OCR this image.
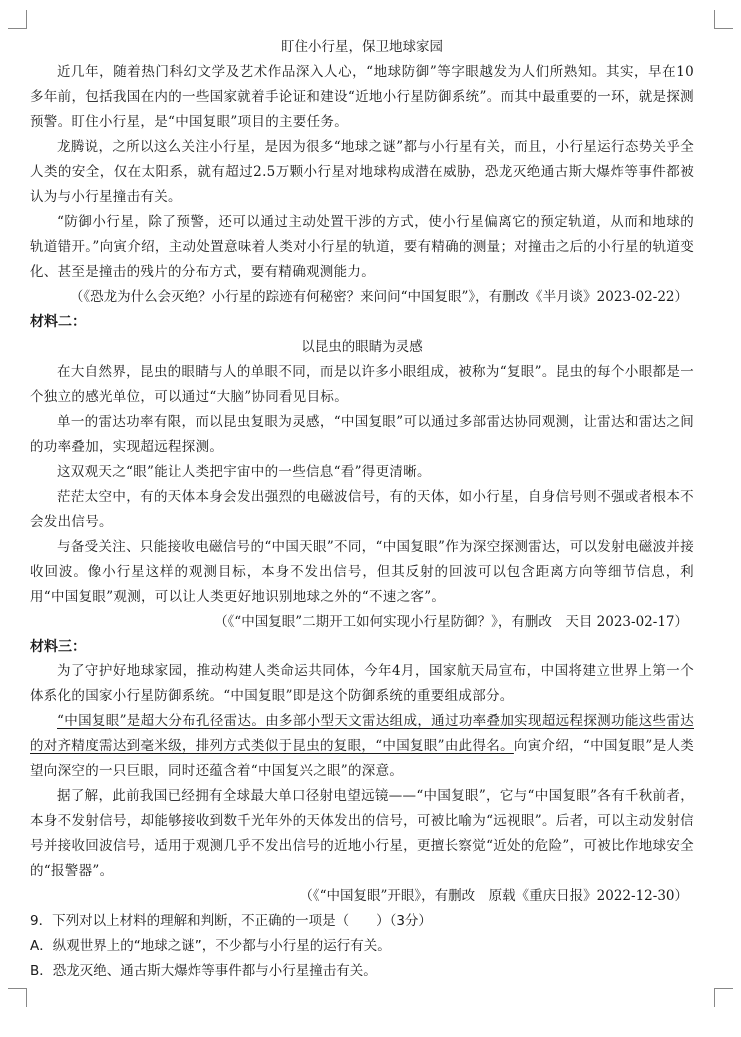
盯住小行星，保卫地球家园

近几年，随着热门科幻文学及艺术作品深入人心，“地球防御”等字眼越发为人们所熟知。其实，早在10多年前，包括我国在内的一些国家就着手论证和建设“近地小行星防御系统”。而其中最重要的一环，就是探测预警。盯住小行星，是“中国复眼”项目的主要任务。

龙腾说，之所以这么关注小行星，是因为很多“地球之谜”都与小行星有关，而且，小行星运行态势关乎全人类的安全，仅在太阳系，就有超过2.5万颗小行星对地球构成潜在威胁，恐龙灭绝通古斯大爆炸等事件都被认为与小行星撞击有关。

“防御小行星，除了预警，还可以通过主动处置干涉的方式，使小行星偏离它的预定轨道，从而和地球的轨道错开。”向寅介绍，主动处置意味着人类对小行星的轨道，要有精确的测量；对撞击之后的小行星的轨道变化、甚至是撞击的残片的分布方式，要有精确观测能力。

（《恐龙为什么会灭绝？小行星的踪迹有何秘密？来问问“中国复眼”》，有删改《半月谈》2023-02-22）

材料二：

以昆虫的眼睛为灵感

在大自然界，昆虫的眼睛与人的单眼不同，而是以许多小眼组成，被称为“复眼”。昆虫的每个小眼都是一个独立的感光单位，可以通过“大脑”协同看见目标。

单一的雷达功率有限，而以昆虫复眼为灵感，“中国复眼”可以通过多部雷达协同观测，让雷达和雷达之间的功率叠加，实现超远程探测。

这双观天之“眼”能让人类把宇宙中的一些信息“看”得更清晰。

茫茫太空中，有的天体本身会发出强烈的电磁波信号，有的天体，如小行星，自身信号则不强或者根本不会发出信号。

与备受关注、只能接收电磁信号的“中国天眼”不同，“中国复眼”作为深空探测雷达，可以发射电磁波并接收回波。像小行星这样的观测目标，本身不发出信号，但其反射的回波可以包含距离方向等细节信息，利用“中国复眼”观测，可以让人类更好地识别地球之外的“不速之客”。

（《“中国复眼”二期开工如何实现小行星防御？》，有删改　天目 2023-02-17）

材料三：

为了守护好地球家园，推动构建人类命运共同体，今年4月，国家航天局宣布，中国将建立世界上第一个体系化的国家小行星防御系统。“中国复眼”即是这个防御系统的重要组成部分。

“中国复眼”是超大分布孔径雷达。由多部小型天文雷达组成，通过功率叠加实现超远程探测功能这些雷达的对齐精度需达到毫米级，排列方式类似于昆虫的复眼，“中国复眼”由此得名。向寅介绍，“中国复眼”是人类望向深空的一只巨眼，同时还蕴含着“中国复兴之眼”的深意。

据了解，此前我国已经拥有全球最大单口径射电望远镜——“中国复眼”，它与“中国复眼”各有千秋前者，本身不发射信号，却能够接收到数千光年外的天体发出的信号，可被比喻为“远视眼”。后者，可以主动发射信号并接收回波信号，适用于观测几乎不发出信号的近地小行星，更擅长察觉“近处的危险”，可被比作地球安全的“报警器”。

（《“中国复眼”开眼》，有删改　原载《重庆日报》2022-12-30）

9．下列对以上材料的理解和判断，不正确的一项是（　　）（3分）

A．纵观世界上的“地球之谜”，不少都与小行星的运行有关。

B．恐龙灭绝、通古斯大爆炸等事件都与小行星撞击有关。
